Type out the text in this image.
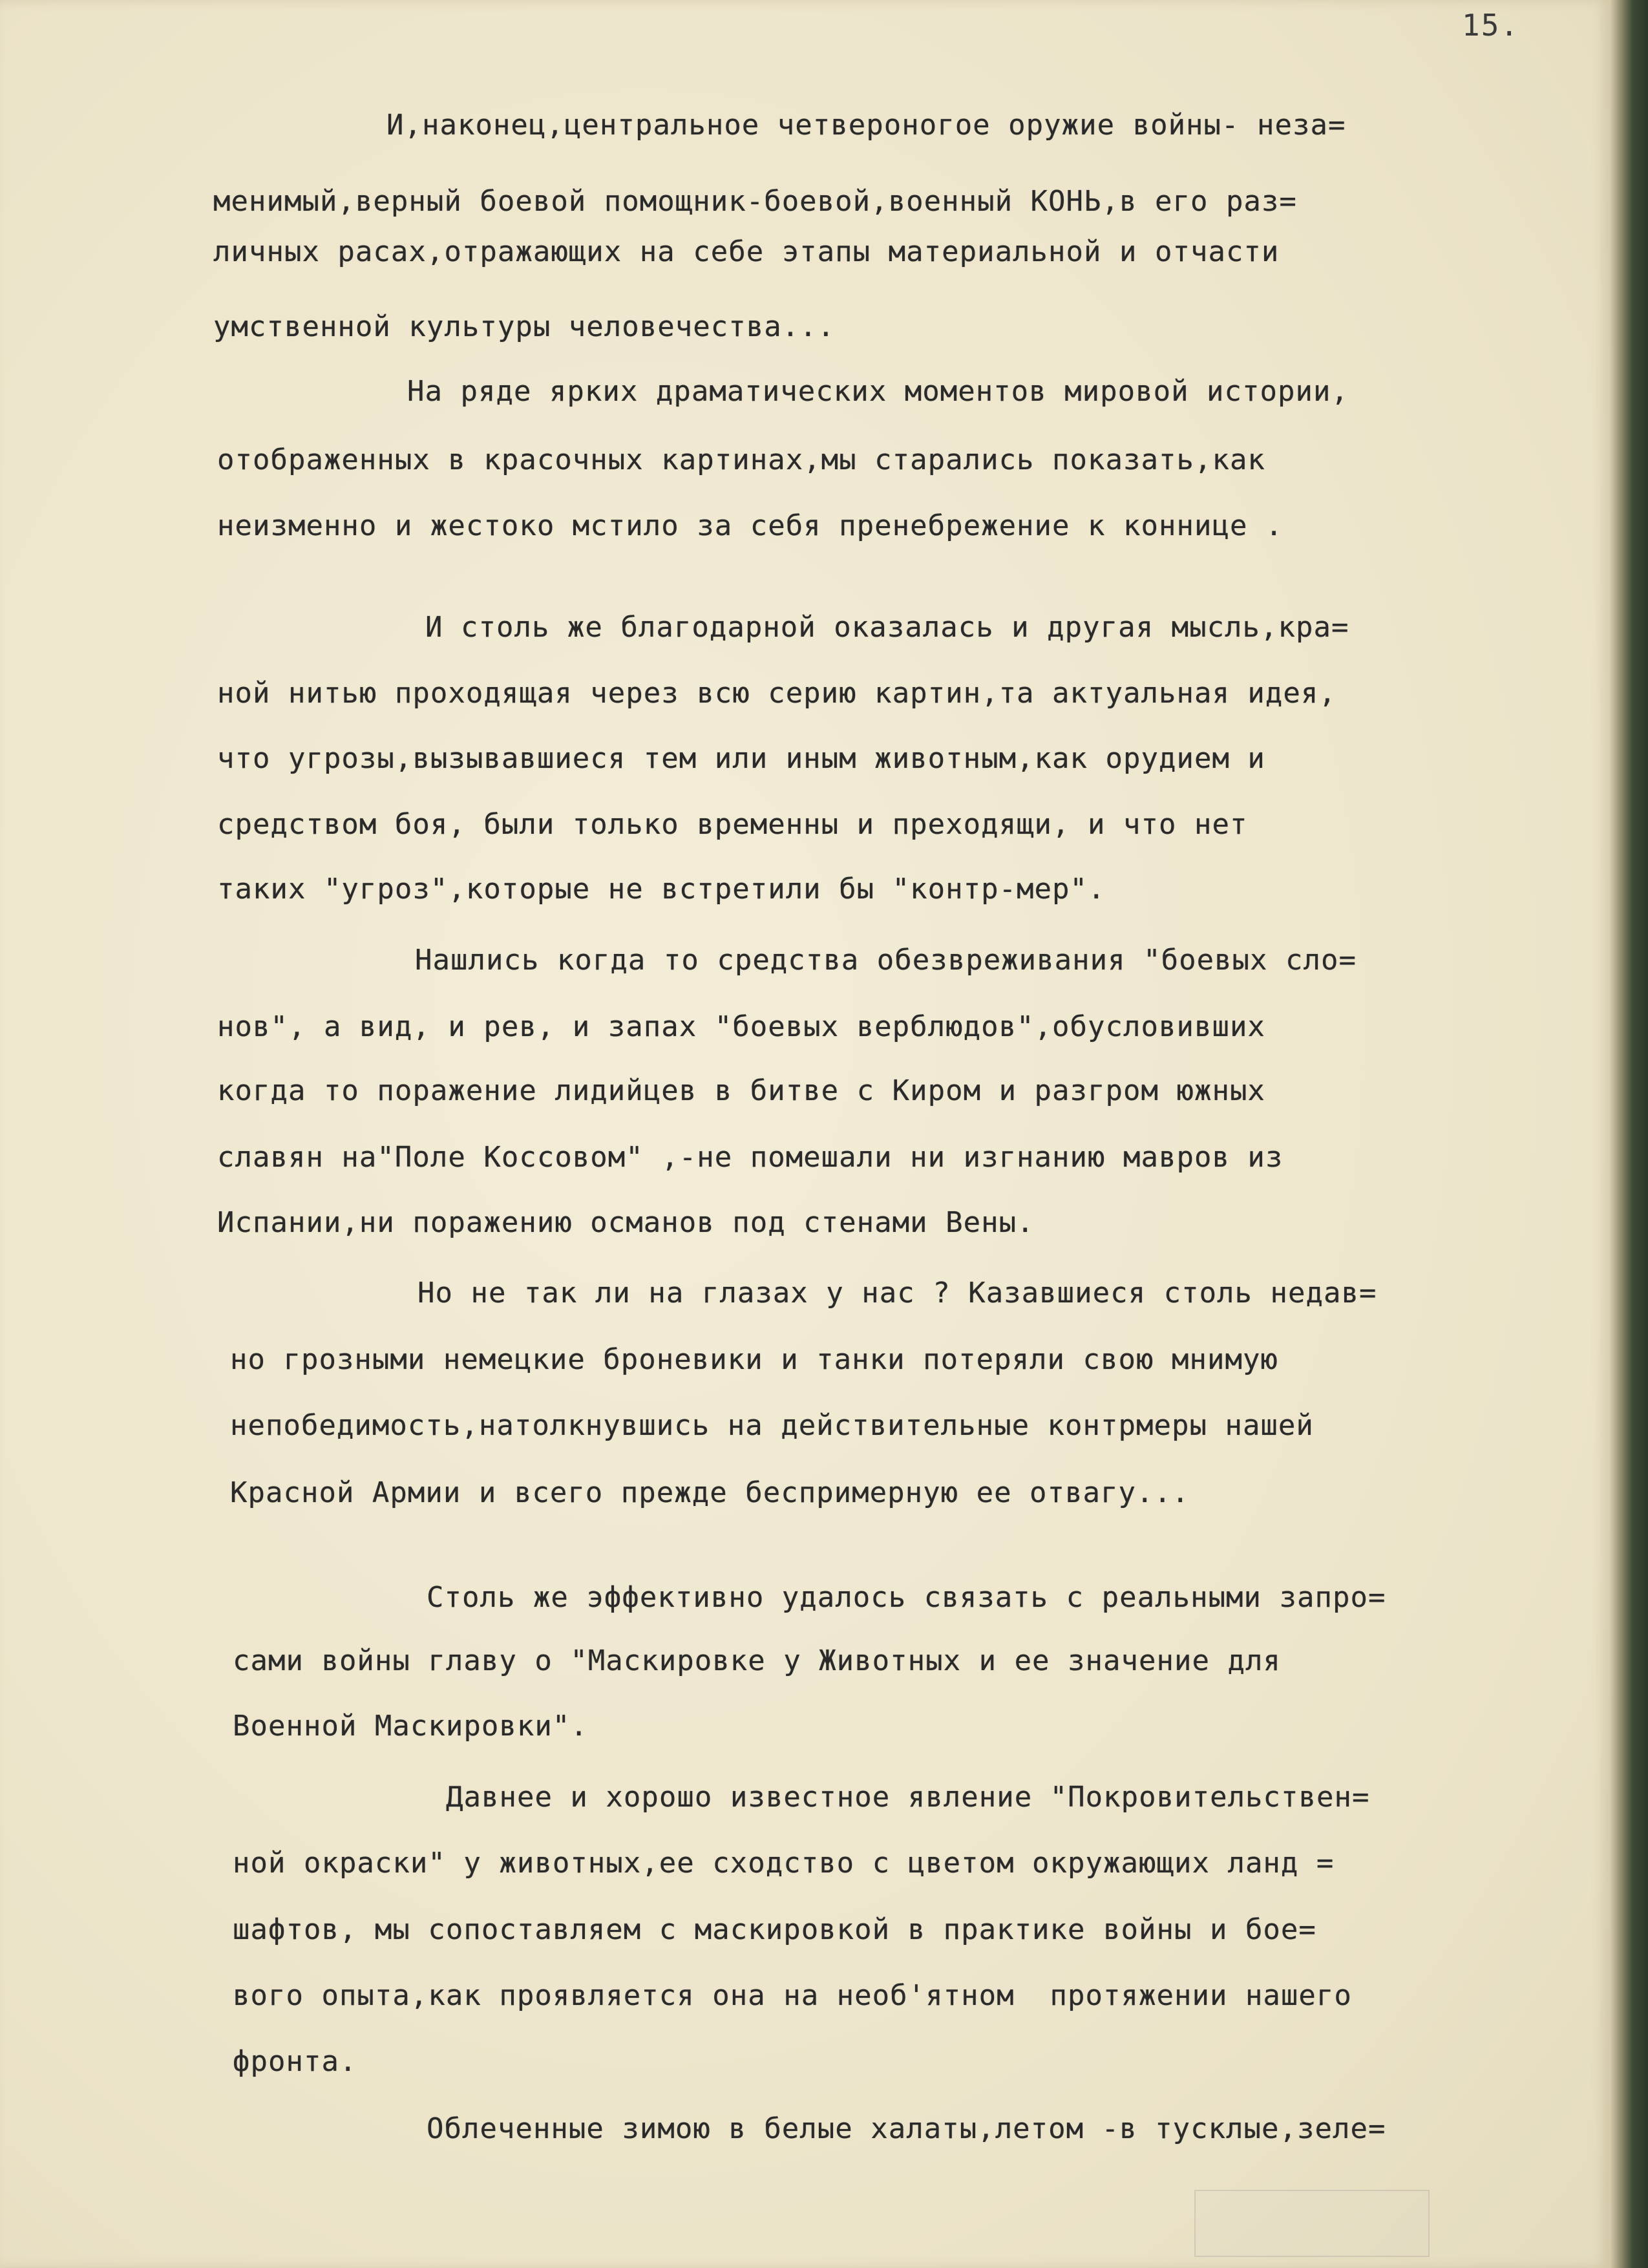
15.
И,наконец,центральное четвероногое оружие войны- неза=
менимый,верный боевой помощник-боевой,военный КОНЬ,в его раз=
личных расах,отражающих на себе этапы материальной и отчасти
умственной культуры человечества...
На ряде ярких драматических моментов мировой истории,
отображенных в красочных картинах,мы старались показать,как
неизменно и жестоко мстило за себя пренебрежение к коннице .
И столь же благодарной оказалась и другая мысль,кра=
ной нитью проходящая через всю серию картин,та актуальная идея,
что угрозы,вызывавшиеся тем или иным животным,как орудием и
средством боя, были только временны и преходящи, и что нет
таких "угроз",которые не встретили бы "контр-мер".
Нашлись когда то средства обезвреживания "боевых сло=
нов", а вид, и рев, и запах "боевых верблюдов",обусловивших
когда то поражение лидийцев в битве с Киром и разгром южных
славян на"Поле Коссовом" ,-не помешали ни изгнанию мавров из
Испании,ни поражению османов под стенами Вены.
Но не так ли на глазах у нас ? Казавшиеся столь недав=
но грозными немецкие броневики и танки потеряли свою мнимую
непобедимость,натолкнувшись на действительные контрмеры нашей
Красной Армии и всего прежде беспримерную ее отвагу...
Столь же эффективно удалось связать с реальными запро=
сами войны главу о "Маскировке у Животных и ее значение для
Военной Маскировки".
Давнее и хорошо известное явление "Покровительствен=
ной окраски" у животных,ее сходство с цветом окружающих ланд =
шафтов, мы сопоставляем с маскировкой в практике войны и бое=
вого опыта,как проявляется она на необ'ятном  протяжении нашего
фронта.
Облеченные зимою в белые халаты,летом -в тусклые,зеле=
